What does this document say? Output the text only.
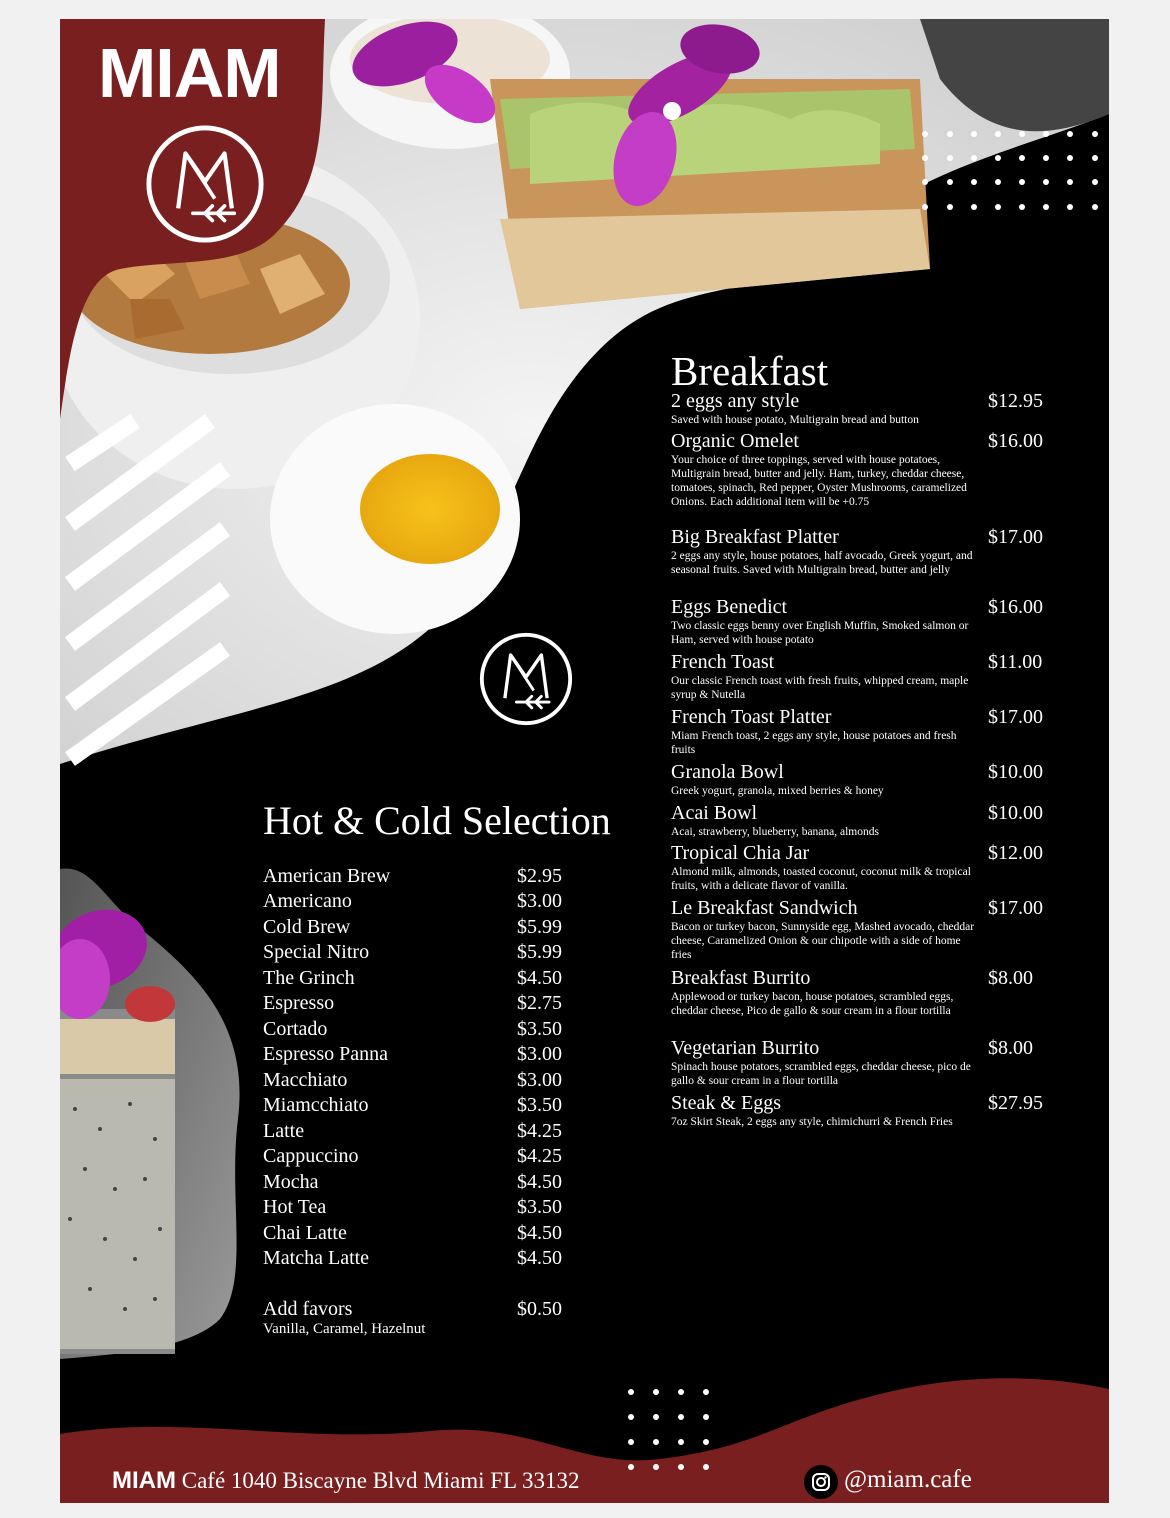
MIAM
Breakfast
2 eggs any style	$12.95
Saved with house potato, Multigrain bread and button
Organic Omelet	$16.00
Your choice of three toppings, served with house potatoes, Multigrain bread, butter and jelly. Ham, turkey, cheddar cheese, tomatoes, spinach, Red pepper, Oyster Mushrooms, caramelized Onions. Each additional item will be +0.75
Big Breakfast Platter	$17.00
2 eggs any style, house potatoes, half avocado, Greek yogurt, and seasonal fruits. Saved with Multigrain bread, butter and jelly
Eggs Benedict	$16.00
Two classic eggs benny over English Muffin, Smoked salmon or Ham, served with house potato
French Toast	$11.00
Our classic French toast with fresh fruits, whipped cream, maple syrup & Nutella
French Toast Platter	$17.00
Miam French toast, 2 eggs any style, house potatoes and fresh fruits
Granola Bowl	$10.00
Greek yogurt, granola, mixed berries & honey
Acai Bowl	$10.00
Acai, strawberry, blueberry, banana, almonds
Tropical Chia Jar	$12.00
Almond milk, almonds, toasted coconut, coconut milk & tropical fruits, with a delicate flavor of vanilla.
Le Breakfast Sandwich	$17.00
Bacon or turkey bacon, Sunnyside egg, Mashed avocado, cheddar cheese, Caramelized Onion & our chipotle with a side of home fries
Breakfast Burrito	$8.00
Applewood or turkey bacon, house potatoes, scrambled eggs, cheddar cheese, Pico de gallo & sour cream in a flour tortilla
Vegetarian Burrito	$8.00
Spinach house potatoes, scrambled eggs, cheddar cheese, pico de gallo & sour cream in a flour tortilla
Steak & Eggs	$27.95
7oz Skirt Steak, 2 eggs any style, chimichurri & French Fries
Hot & Cold Selection
American Brew	$2.95
Americano	$3.00
Cold Brew	$5.99
Special Nitro	$5.99
The Grinch	$4.50
Espresso	$2.75
Cortado	$3.50
Espresso Panna	$3.00
Macchiato	$3.00
Miamcchiato	$3.50
Latte	$4.25
Cappuccino	$4.25
Mocha	$4.50
Hot Tea	$3.50
Chai Latte	$4.50
Matcha Latte	$4.50
Add favors	$0.50
Vanilla, Caramel, Hazelnut
MIAM Café 1040 Biscayne Blvd Miami FL 33132	@miam.cafe
